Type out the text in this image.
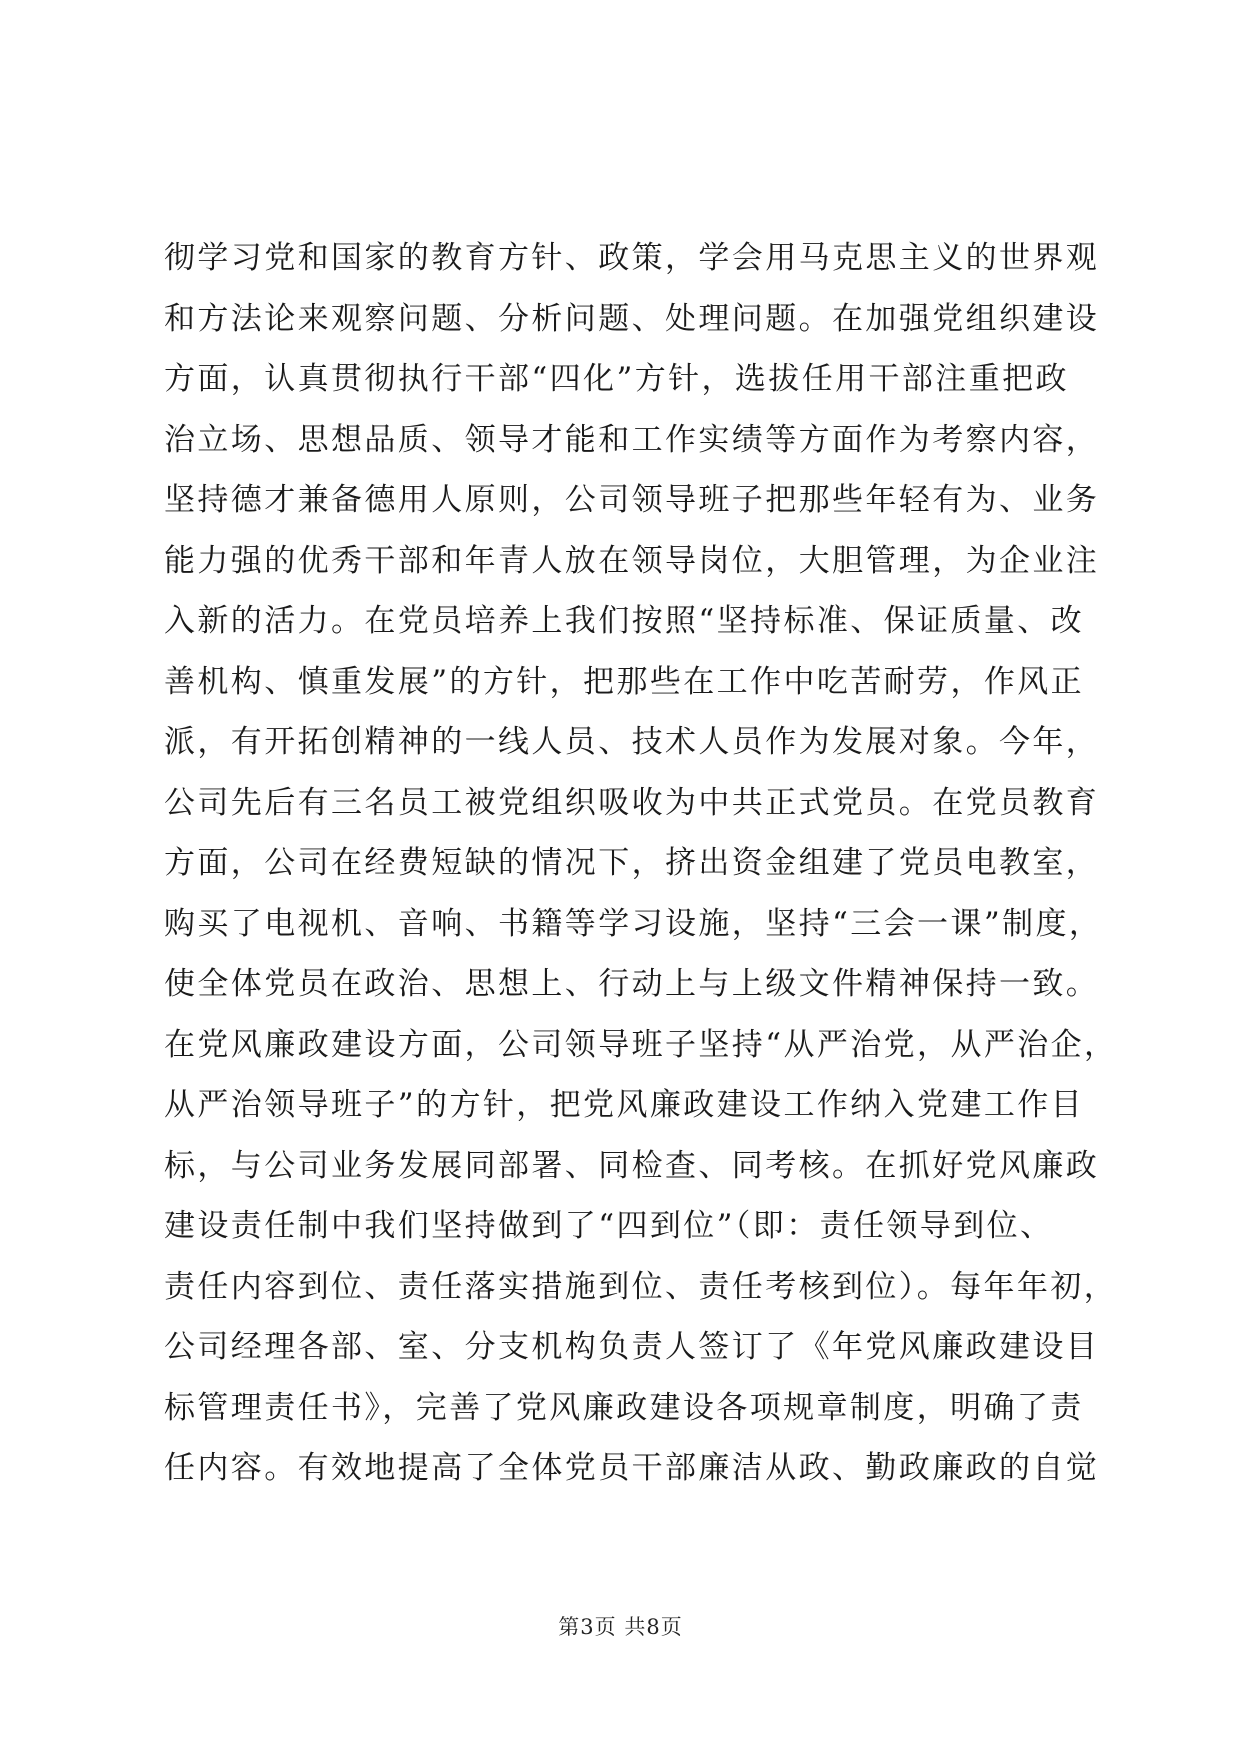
彻学习党和国家的教育方针、政策，学会用马克思主义的世界观
和方法论来观察问题、分析问题、处理问题。在加强党组织建设
方面，认真贯彻执行干部“四化”方针，选拔任用干部注重把政
治立场、思想品质、领导才能和工作实绩等方面作为考察内容，
坚持德才兼备德用人原则，公司领导班子把那些年轻有为、业务
能力强的优秀干部和年青人放在领导岗位，大胆管理，为企业注
入新的活力。在党员培养上我们按照“坚持标准、保证质量、改
善机构、慎重发展”的方针，把那些在工作中吃苦耐劳，作风正
派，有开拓创精神的一线人员、技术人员作为发展对象。今年，
公司先后有三名员工被党组织吸收为中共正式党员。在党员教育
方面，公司在经费短缺的情况下，挤出资金组建了党员电教室，
购买了电视机、音响、书籍等学习设施，坚持“三会一课”制度，
使全体党员在政治、思想上、行动上与上级文件精神保持一致。
在党风廉政建设方面，公司领导班子坚持“从严治党，从严治企，
从严治领导班子”的方针，把党风廉政建设工作纳入党建工作目
标，与公司业务发展同部署、同检查、同考核。在抓好党风廉政
建设责任制中我们坚持做到了“四到位”（即：责任领导到位、
责任内容到位、责任落实措施到位、责任考核到位）。每年年初，
公司经理各部、室、分支机构负责人签订了《年党风廉政建设目
标管理责任书》，完善了党风廉政建设各项规章制度，明确了责
任内容。有效地提高了全体党员干部廉洁从政、勤政廉政的自觉
第3页 共8页
